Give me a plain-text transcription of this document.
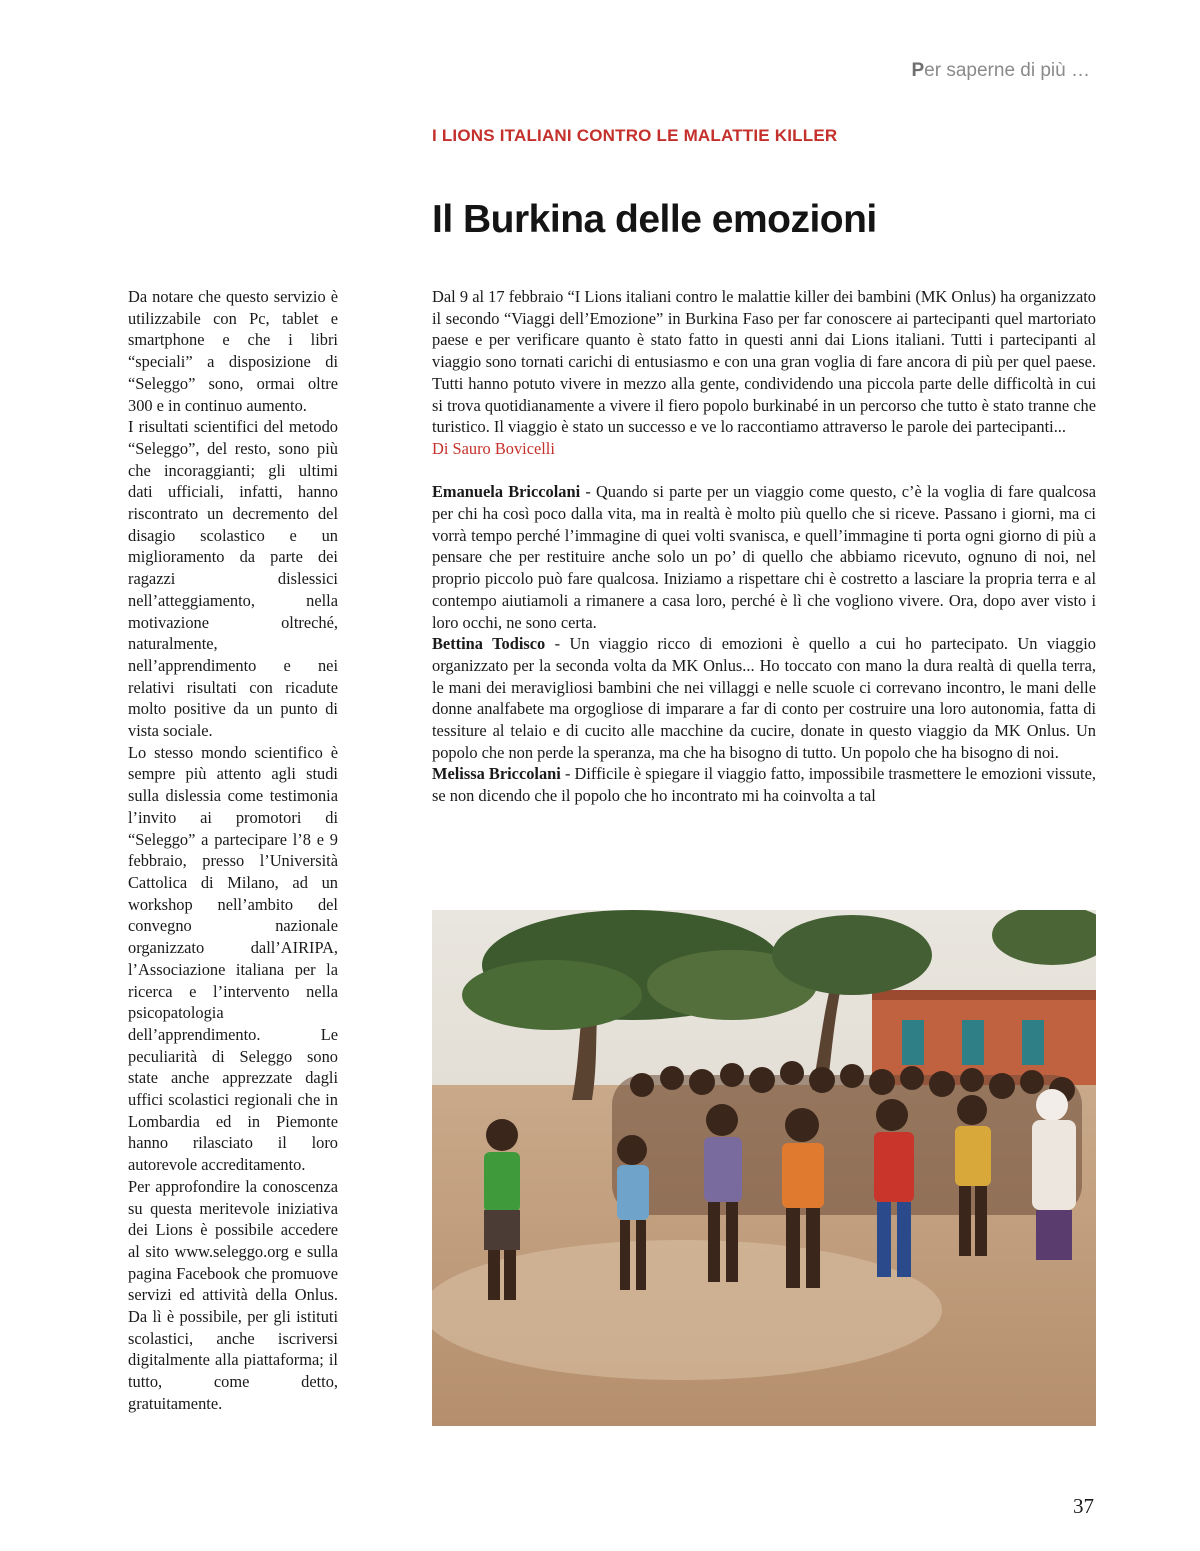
Per saperne di più …
I LIONS ITALIANI CONTRO LE MALATTIE KILLER
Il Burkina delle emozioni

Da notare che questo servizio è utilizzabile con Pc, tablet e smartphone e che i libri “speciali” a disposizione di “Seleggo” sono, ormai oltre 300 e in continuo aumento.

I risultati scientifici del metodo “Seleggo”, del resto, sono più che incoraggianti; gli ultimi dati ufficiali, infatti, hanno riscontrato un decremento del disagio scolastico e un miglioramento da parte dei ragazzi dislessici nell’atteggiamento, nella motivazione oltreché, naturalmente, nell’apprendimento e nei relativi risultati con ricadute molto positive da un punto di vista sociale.

Lo stesso mondo scientifico è sempre più attento agli studi sulla dislessia come testimonia l’invito ai promotori di “Seleggo” a partecipare l’8 e 9 febbraio, presso l’Università Cattolica di Milano, ad un workshop nell’ambito del convegno nazionale organizzato dall’AIRIPA, l’Associazione italiana per la ricerca e l’intervento nella psicopatologia dell’apprendimento. Le peculiarità di Seleggo sono state anche apprezzate dagli uffici scolastici regionali che in Lombardia ed in Piemonte hanno rilasciato il loro autorevole accreditamento.

Per approfondire la conoscenza su questa meritevole iniziativa dei Lions è possibile accedere al sito www.seleggo.org e sulla pagina Facebook che promuove servizi ed attività della Onlus. Da lì è possibile, per gli istituti scolastici, anche iscriversi digitalmente alla piattaforma; il tutto, come detto, gratuitamente.

Dal 9 al 17 febbraio “I Lions italiani contro le malattie killer dei bambini (MK Onlus) ha organizzato il secondo “Viaggi dell’Emozione” in Burkina Faso per far conoscere ai partecipanti quel martoriato paese e per verificare quanto è stato fatto in questi anni dai Lions italiani. Tutti i partecipanti al viaggio sono tornati carichi di entusiasmo e con una gran voglia di fare ancora di più per quel paese. Tutti hanno potuto vivere in mezzo alla gente, condividendo una piccola parte delle difficoltà in cui si trova quotidianamente a vivere il fiero popolo burkinabé in un percorso che tutto è stato tranne che turistico. Il viaggio è stato un successo e ve lo raccontiamo attraverso le parole dei partecipanti...

Di Sauro Bovicelli

Emanuela Briccolani - Quando si parte per un viaggio come questo, c’è la voglia di fare qualcosa per chi ha così poco dalla vita, ma in realtà è molto più quello che si riceve. Passano i giorni, ma ci vorrà tempo perché l’immagine di quei volti svanisca, e quell’immagine ti porta ogni giorno di più a pensare che per restituire anche solo un po’ di quello che abbiamo ricevuto, ognuno di noi, nel proprio piccolo può fare qualcosa. Iniziamo a rispettare chi è costretto a lasciare la propria terra e al contempo aiutiamoli a rimanere a casa loro, perché è lì che vogliono vivere. Ora, dopo aver visto i loro occhi, ne sono certa.

Bettina Todisco - Un viaggio ricco di emozioni è quello a cui ho partecipato. Un viaggio organizzato per la seconda volta da MK Onlus... Ho toccato con mano la dura realtà di quella terra, le mani dei meravigliosi bambini che nei villaggi e nelle scuole ci correvano incontro, le mani delle donne analfabete ma orgogliose di imparare a far di conto per costruire una loro autonomia, fatta di tessiture al telaio e di cucito alle macchine da cucire, donate in questo viaggio da MK Onlus. Un popolo che non perde la speranza, ma che ha bisogno di tutto. Un popolo che ha bisogno di noi.

Melissa Briccolani - Difficile è spiegare il viaggio fatto, impossibile trasmettere le emozioni vissute, se non dicendo che il popolo che ho incontrato mi ha coinvolta a tal

37
